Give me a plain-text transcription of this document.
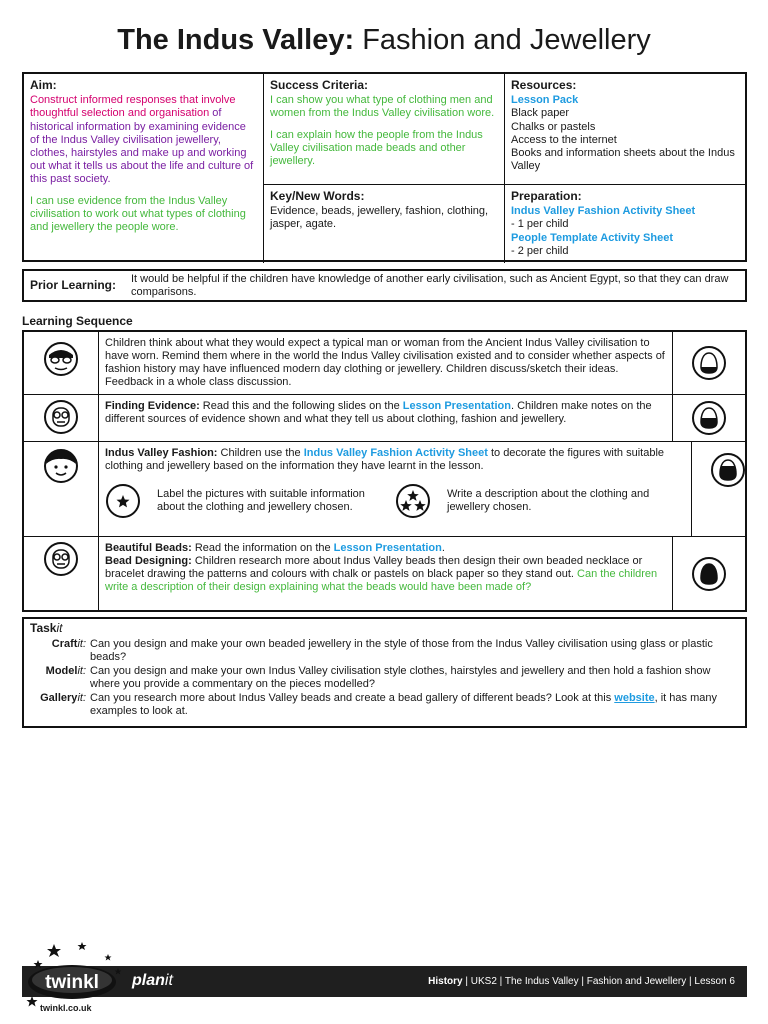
The Indus Valley: Fashion and Jewellery
Aim:

Construct informed responses that involve thoughtful selection and organisation of historical information by examining evidence of the Indus Valley civilisation jewellery, clothes, hairstyles and make up and working out what it tells us about the life and culture of this past society.

I can use evidence from the Indus Valley civilisation to work out what types of clothing and jewellery the people wore.

Success Criteria:

I can show you what type of clothing men and women from the Indus Valley civilisation wore.

I can explain how the people from the Indus Valley civilisation made beads and other jewellery.

Key/New Words:

Evidence, beads, jewellery, fashion, clothing, jasper, agate.

Resources:

Lesson Pack

Black paper

Chalks or pastels

Access to the internet

Books and information sheets about the Indus Valley

Preparation:

Indus Valley Fashion Activity Sheet

- 1 per child

People Template Activity Sheet

- 2 per child

Prior Learning:	It would be helpful if the children have knowledge of another early civilisation, such as Ancient Egypt, so that they can draw comparisons.
Learning Sequence
Children think about what they would expect a typical man or woman from the Ancient Indus Valley civilisation to have worn. Remind them where in the world the Indus Valley civilisation existed and to consider whether aspects of fashion history may have influenced modern day clothing or jewellery. Children discuss/sketch their ideas. Feedback in a whole class discussion.
Finding Evidence: Read this and the following slides on the Lesson Presentation. Children make notes on the different sources of evidence shown and what they tell us about clothing, fashion and jewellery.
Indus Valley Fashion: Children use the Indus Valley Fashion Activity Sheet to decorate the figures with suitable clothing and jewellery based on the information they have learnt in the lesson.
Label the pictures with suitable information about the clothing and jewellery chosen.
Write a description about the clothing and jewellery chosen.
Beautiful Beads: Read the information on the Lesson Presentation.
Bead Designing: Children research more about Indus Valley beads then design their own beaded necklace or bracelet drawing the patterns and colours with chalk or pastels on black paper so they stand out. Can the children write a description of their design explaining what the beads would have been made of?
Taskit
Craftit: Can you design and make your own beaded jewellery in the style of those from the Indus Valley civilisation using glass or plastic beads?
Modelit: Can you design and make your own Indus Valley civilisation style clothes, hairstyles and jewellery and then hold a fashion show where you provide a commentary on the pieces modelled?
Galleryit: Can you research more about Indus Valley beads and create a bead gallery of different beads? Look at this website, it has many examples to look at.
planit	History | UKS2 | The Indus Valley | Fashion and Jewellery | Lesson 6
twinkl
twinkl.co.uk
